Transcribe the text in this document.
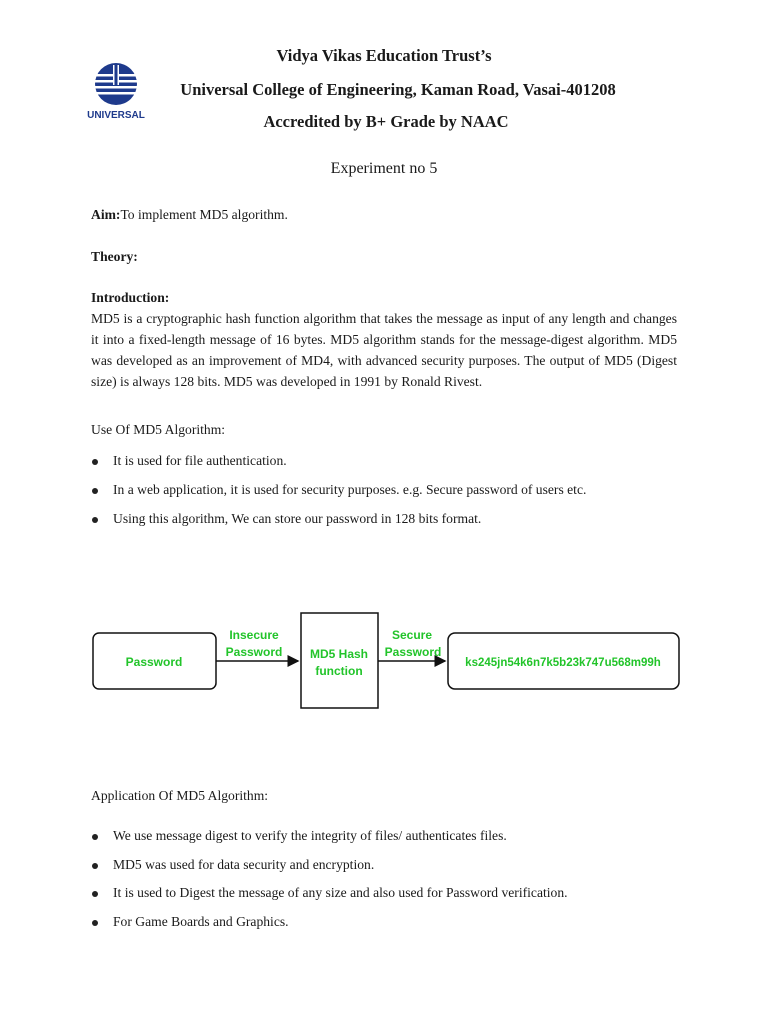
UNIVERSAL
Vidya Vikas Education Trust’s
Universal College of Engineering, Kaman Road, Vasai-401208
Accredited by B+ Grade by NAAC
Experiment no 5
Aim:To implement MD5 algorithm.
Theory:
Introduction:
MD5 is a cryptographic hash function algorithm that takes the message as input of any length and changes it into a fixed-length message of 16 bytes. MD5 algorithm stands for the message-digest algorithm. MD5 was developed as an improvement of MD4, with advanced security purposes. The output of MD5 (Digest size) is always 128 bits. MD5 was developed in 1991 by Ronald Rivest.
Use Of MD5 Algorithm:
It is used for file authentication.
In a web application, it is used for security purposes. e.g. Secure password of users etc.
Using this algorithm, We can store our password in 128 bits format.
Password
Insecure
Password MD5 Hash
function
Secure
Password
ks245jn54k6n7k5b23k747u568m99h
Application Of MD5 Algorithm:
We use message digest to verify the integrity of files/ authenticates files.
MD5 was used for data security and encryption.
It is used to Digest the message of any size and also used for Password verification.
For Game Boards and Graphics.
